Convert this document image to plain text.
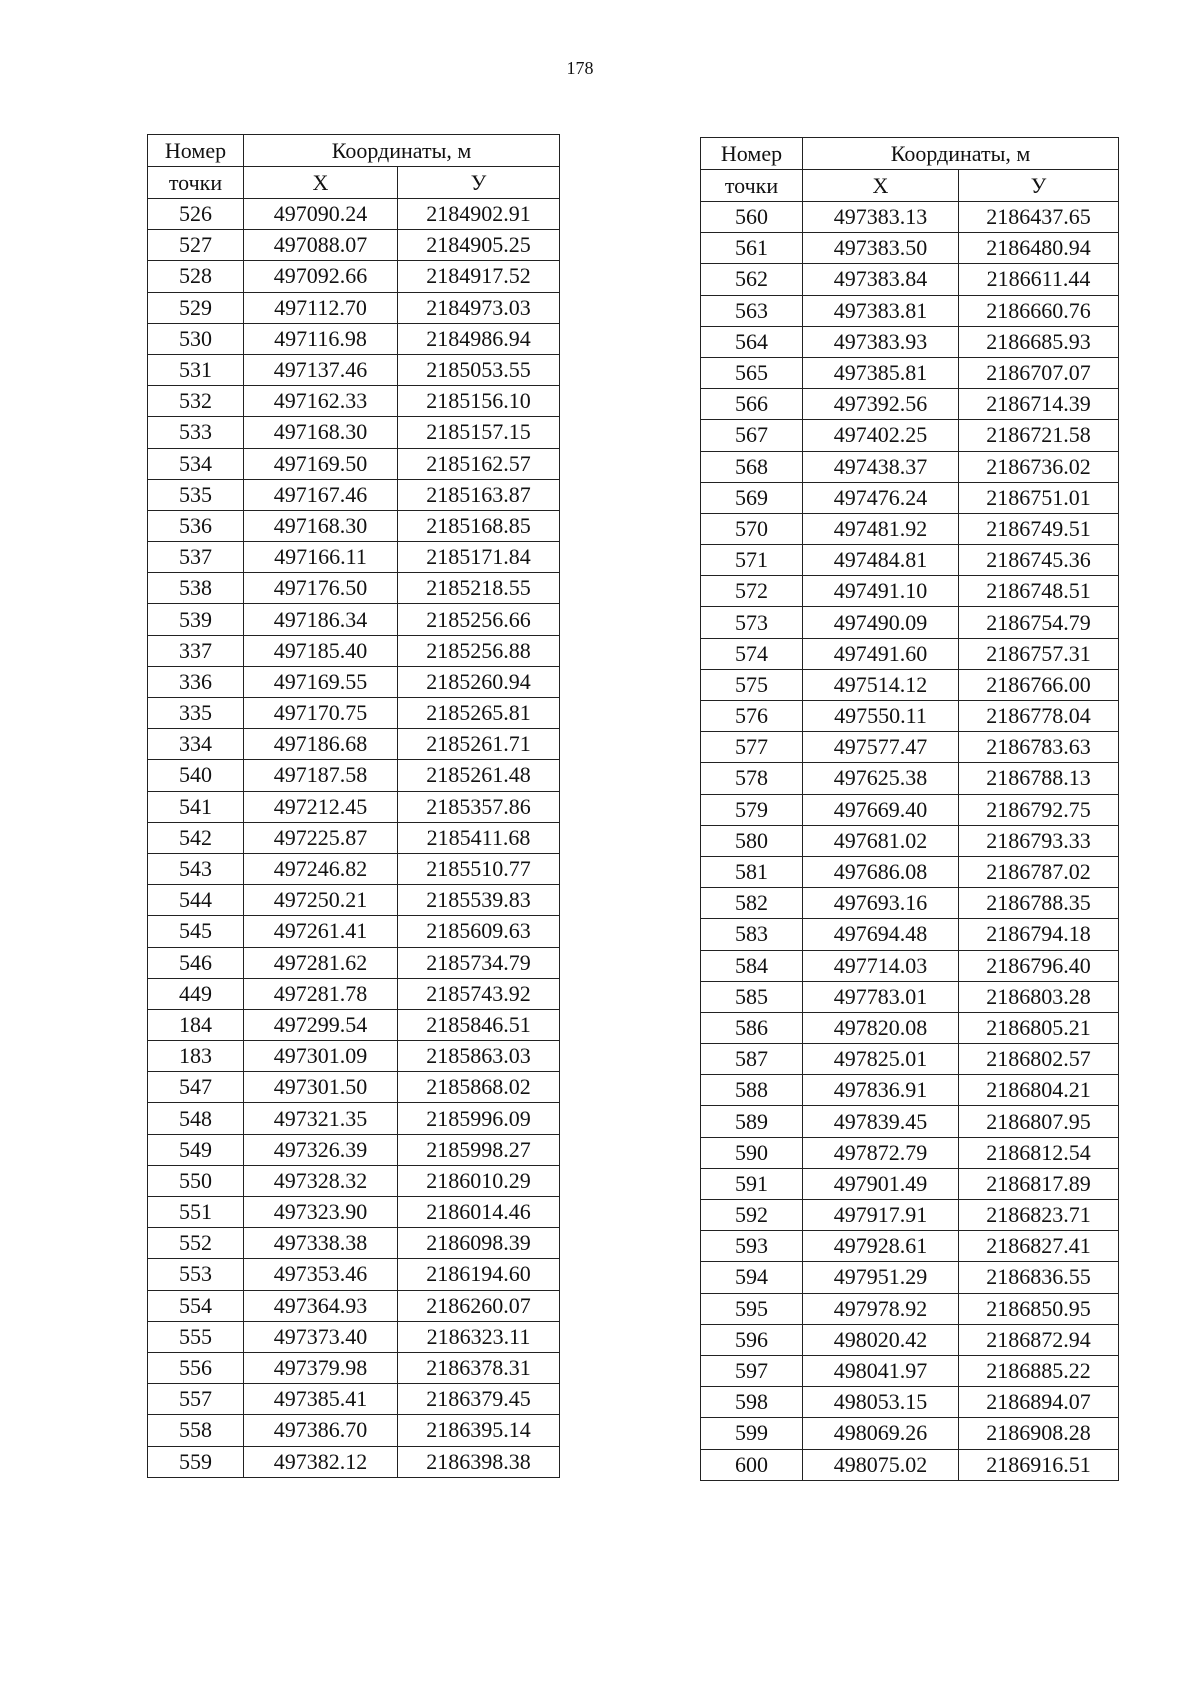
178
Номер	Координаты, м	
точки	X	У
526	497090.24	2184902.91
527	497088.07	2184905.25
528	497092.66	2184917.52
529	497112.70	2184973.03
530	497116.98	2184986.94
531	497137.46	2185053.55
532	497162.33	2185156.10
533	497168.30	2185157.15
534	497169.50	2185162.57
535	497167.46	2185163.87
536	497168.30	2185168.85
537	497166.11	2185171.84
538	497176.50	2185218.55
539	497186.34	2185256.66
337	497185.40	2185256.88
336	497169.55	2185260.94
335	497170.75	2185265.81
334	497186.68	2185261.71
540	497187.58	2185261.48
541	497212.45	2185357.86
542	497225.87	2185411.68
543	497246.82	2185510.77
544	497250.21	2185539.83
545	497261.41	2185609.63
546	497281.62	2185734.79
449	497281.78	2185743.92
184	497299.54	2185846.51
183	497301.09	2185863.03
547	497301.50	2185868.02
548	497321.35	2185996.09
549	497326.39	2185998.27
550	497328.32	2186010.29
551	497323.90	2186014.46
552	497338.38	2186098.39
553	497353.46	2186194.60
554	497364.93	2186260.07
555	497373.40	2186323.11
556	497379.98	2186378.31
557	497385.41	2186379.45
558	497386.70	2186395.14
559	497382.12	2186398.38
Номер	Координаты, м	
точки	X	У
560	497383.13	2186437.65
561	497383.50	2186480.94
562	497383.84	2186611.44
563	497383.81	2186660.76
564	497383.93	2186685.93
565	497385.81	2186707.07
566	497392.56	2186714.39
567	497402.25	2186721.58
568	497438.37	2186736.02
569	497476.24	2186751.01
570	497481.92	2186749.51
571	497484.81	2186745.36
572	497491.10	2186748.51
573	497490.09	2186754.79
574	497491.60	2186757.31
575	497514.12	2186766.00
576	497550.11	2186778.04
577	497577.47	2186783.63
578	497625.38	2186788.13
579	497669.40	2186792.75
580	497681.02	2186793.33
581	497686.08	2186787.02
582	497693.16	2186788.35
583	497694.48	2186794.18
584	497714.03	2186796.40
585	497783.01	2186803.28
586	497820.08	2186805.21
587	497825.01	2186802.57
588	497836.91	2186804.21
589	497839.45	2186807.95
590	497872.79	2186812.54
591	497901.49	2186817.89
592	497917.91	2186823.71
593	497928.61	2186827.41
594	497951.29	2186836.55
595	497978.92	2186850.95
596	498020.42	2186872.94
597	498041.97	2186885.22
598	498053.15	2186894.07
599	498069.26	2186908.28
600	498075.02	2186916.51
